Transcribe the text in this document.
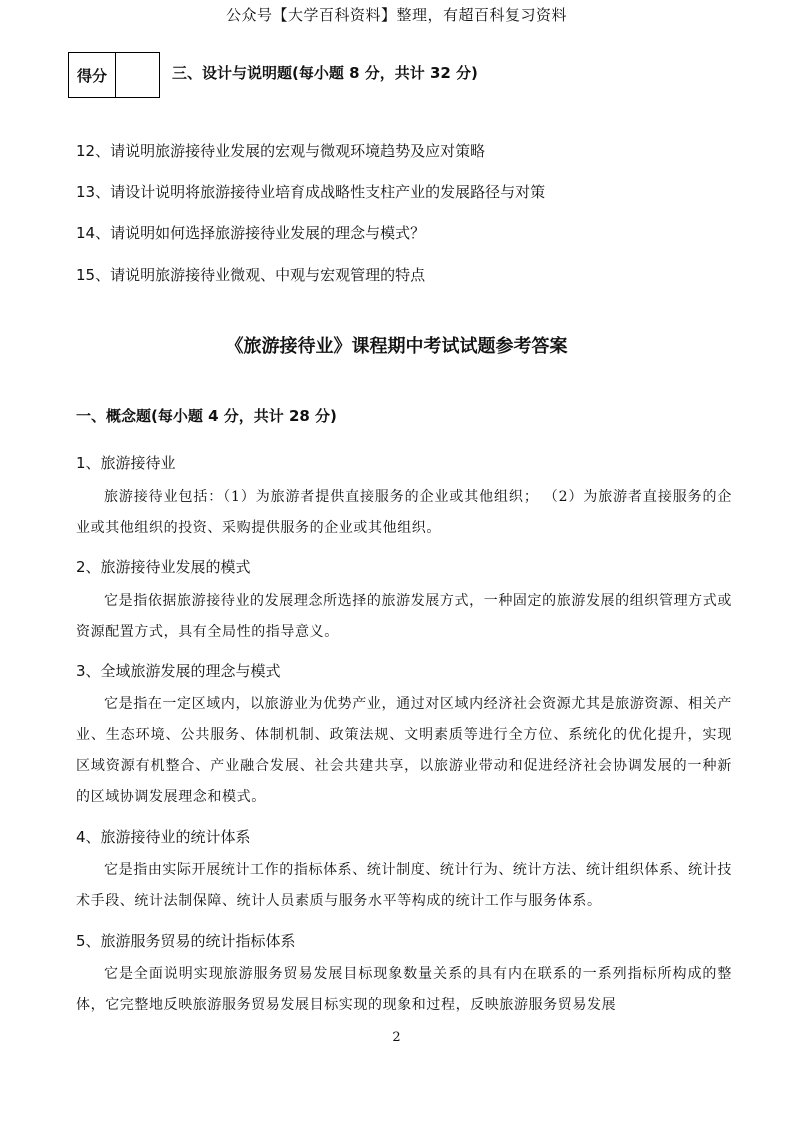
公众号【大学百科资料】整理，有超百科复习资料
得分	三、设计与说明题(每小题 8 分，共计 32 分)
12、请说明旅游接待业发展的宏观与微观环境趋势及应对策略
13、请设计说明将旅游接待业培育成战略性支柱产业的发展路径与对策
14、请说明如何选择旅游接待业发展的理念与模式？
15、请说明旅游接待业微观、中观与宏观管理的特点
《旅游接待业》课程期中考试试题参考答案
一、概念题(每小题 4 分，共计 28 分)
1、旅游接待业
旅游接待业包括：（1）为旅游者提供直接服务的企业或其他组织； （2）为旅游者直接服务的企业或其他组织的投资、采购提供服务的企业或其他组织。
2、旅游接待业发展的模式
它是指依据旅游接待业的发展理念所选择的旅游发展方式，一种固定的旅游发展的组织管理方式或资源配置方式，具有全局性的指导意义。
3、全域旅游发展的理念与模式
它是指在一定区域内，以旅游业为优势产业，通过对区域内经济社会资源尤其是旅游资源、相关产业、生态环境、公共服务、体制机制、政策法规、文明素质等进行全方位、系统化的优化提升，实现区域资源有机整合、产业融合发展、社会共建共享，以旅游业带动和促进经济社会协调发展的一种新的区域协调发展理念和模式。
4、旅游接待业的统计体系
它是指由实际开展统计工作的指标体系、统计制度、统计行为、统计方法、统计组织体系、统计技术手段、统计法制保障、统计人员素质与服务水平等构成的统计工作与服务体系。
5、旅游服务贸易的统计指标体系
它是全面说明实现旅游服务贸易发展目标现象数量关系的具有内在联系的一系列指标所构成的整体，它完整地反映旅游服务贸易发展目标实现的现象和过程，反映旅游服务贸易发展
2
